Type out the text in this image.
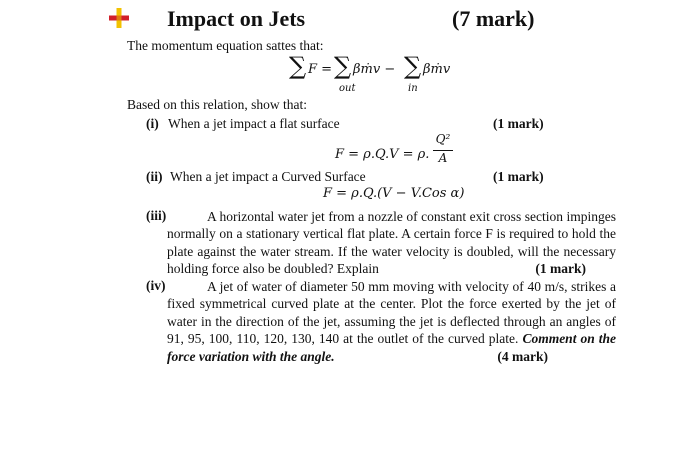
Impact on Jets	(7 mark)
The momentum equation sattes that:
∑ F = ∑ βṁv − ∑ βṁv
out	in
Based on this relation, show that:
(i) When a jet impact a flat surface	(1 mark)
F = ρ.Q.V = ρ.
Q²
A
(ii) When a jet impact a Curved Surface	(1 mark)
F = ρ.Q.(V − V.Cos α)
(iii)	A horizontal water jet from a nozzle of constant exit cross section impinges normally on a stationary vertical flat plate. A certain force F is required to hold the plate against the water stream. If the water velocity is doubled, will the necessary holding force also be doubled? Explain	(1 mark)
(iv)	A jet of water of diameter 50 mm moving with velocity of 40 m/s, strikes a fixed symmetrical curved plate at the center. Plot the force exerted by the jet of water in the direction of the jet, assuming the jet is deflected through an angles of 91, 95, 100, 110, 120, 130, 140 at the outlet of the curved plate. Comment on the force variation with the angle.	(4 mark)
